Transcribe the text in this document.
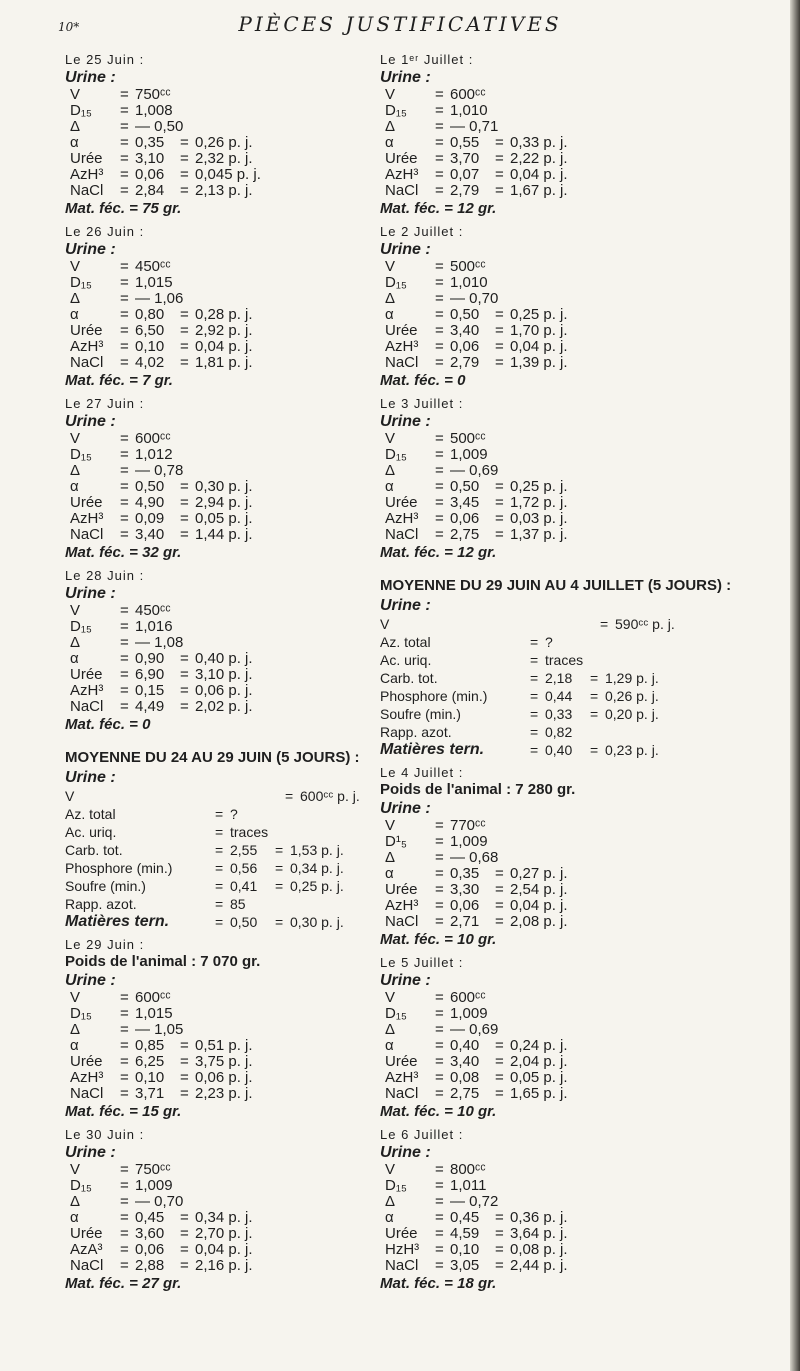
10*	PIÈCES JUSTIFICATIVES
Le 25 Juin :
Urine :
V	= 750ᶜᶜ
D₁₅ = 1,008
Δ	= — 0,50
α	= 0,35 = 0,26 p. j.
Urée = 3,10 = 2,32 p. j.
AzH³ = 0,06 = 0,045 p. j.
NaCl = 2,84 = 2,13 p. j.
Mat. féc. = 75 gr.
Le 26 Juin :
Urine :
V	= 450ᶜᶜ
D₁₅ = 1,015
Δ	= — 1,06
α	= 0,80 = 0,28 p. j.
Urée = 6,50 = 2,92 p. j.
AzH³ = 0,10 = 0,04 p. j.
NaCl = 4,02 = 1,81 p. j.
Mat. féc. = 7 gr.
Le 27 Juin :
Urine :
V	= 600ᶜᶜ
D₁₅ = 1,012
Δ	= — 0,78
α	= 0,50 = 0,30 p. j.
Urée = 4,90 = 2,94 p. j.
AzH³ = 0,09 = 0,05 p. j.
NaCl = 3,40 = 1,44 p. j.
Mat. féc. = 32 gr.
Le 28 Juin :
Urine :
V	= 450ᶜᶜ
D₁₅ = 1,016
Δ	= — 1,08
α	= 0,90 = 0,40 p. j.
Urée = 6,90 = 3,10 p. j.
AzH³ = 0,15 = 0,06 p. j.
NaCl = 4,49 = 2,02 p. j.
Mat. féc. = 0
MOYENNE DU 24 AU 29 JUIN (5 JOURS) :
Urine :
V	= 600ᶜᶜ p. j.
Az. total	= ?
Ac. uriq.	= traces
Carb. tot.	= 2,55 = 1,53 p. j.
Phosphore (min.)	= 0,56 = 0,34 p. j.
Soufre (min.)	= 0,41 = 0,25 p. j.
Rapp. azot.	= 85
Matières tern.	= 0,50 = 0,30 p. j.
Le 29 Juin :
Poids de l'animal : 7 070 gr.
Urine :
V	= 600ᶜᶜ
D₁₅ = 1,015
Δ	= — 1,05
α	= 0,85 = 0,51 p. j.
Urée = 6,25 = 3,75 p. j.
AzH³ = 0,10 = 0,06 p. j.
NaCl = 3,71 = 2,23 p. j.
Mat. féc. = 15 gr.
Le 30 Juin :
Urine :
V	= 750ᶜᶜ
D₁₅ = 1,009
Δ	= — 0,70
α	= 0,45 = 0,34 p. j.
Urée = 3,60 = 2,70 p. j.
AzA³ = 0,06 = 0,04 p. j.
NaCl = 2,88 = 2,16 p. j.
Mat. féc. = 27 gr.
Le 1ᵉʳ Juillet :
Urine :
V	= 600ᶜᶜ
D₁₅ = 1,010
Δ	= — 0,71
α	= 0,55 = 0,33 p. j.
Urée = 3,70 = 2,22 p. j.
AzH³ = 0,07 = 0,04 p. j.
NaCl = 2,79 = 1,67 p. j.
Mat. féc. = 12 gr.
Le 2 Juillet :
Urine :
V	= 500ᶜᶜ
D₁₅ = 1,010
Δ	= — 0,70
α	= 0,50 = 0,25 p. j.
Urée = 3,40 = 1,70 p. j.
AzH³ = 0,06 = 0,04 p. j.
NaCl = 2,79 = 1,39 p. j.
Mat. féc. = 0
Le 3 Juillet :
Urine :
V	= 500ᶜᶜ
D₁₅ = 1,009
Δ	= — 0,69
α	= 0,50 = 0,25 p. j.
Urée = 3,45 = 1,72 p. j.
AzH³ = 0,06 = 0,03 p. j.
NaCl = 2,75 = 1,37 p. j.
Mat. féc. = 12 gr.
MOYENNE DU 29 JUIN AU 4 JUILLET (5 JOURS) :
Urine :
V	= 590ᶜᶜ p. j.
Az. total	= ?
Ac. uriq.	= traces
Carb. tot.	= 2,18 = 1,29 p. j.
Phosphore (min.)	= 0,44 = 0,26 p. j.
Soufre (min.)	= 0,33 = 0,20 p. j.
Rapp. azot.	= 0,82
Matières tern.	= 0,40 = 0,23 p. j.
Le 4 Juillet :
Poids de l'animal : 7 280 gr.
Urine :
V	= 770ᶜᶜ
D¹₅ = 1,009
Δ	= — 0,68
α	= 0,35 = 0,27 p. j.
Urée = 3,30 = 2,54 p. j.
AzH³ = 0,06 = 0,04 p. j.
NaCl = 2,71 = 2,08 p. j.
Mat. féc. = 10 gr.
Le 5 Juillet :
Urine :
V	= 600ᶜᶜ
D₁₅ = 1,009
Δ	= — 0,69
α	= 0,40 = 0,24 p. j.
Urée = 3,40 = 2,04 p. j.
AzH³ = 0,08 = 0,05 p. j.
NaCl = 2,75 = 1,65 p. j.
Mat. féc. = 10 gr.
Le 6 Juillet :
Urine :
V	= 800ᶜᶜ
D₁₅ = 1,011
Δ	= — 0,72
α	= 0,45 = 0,36 p. j.
Urée = 4,59 = 3,64 p. j.
HzH³ = 0,10 = 0,08 p. j.
NaCl = 3,05 = 2,44 p. j.
Mat. féc. = 18 gr.
